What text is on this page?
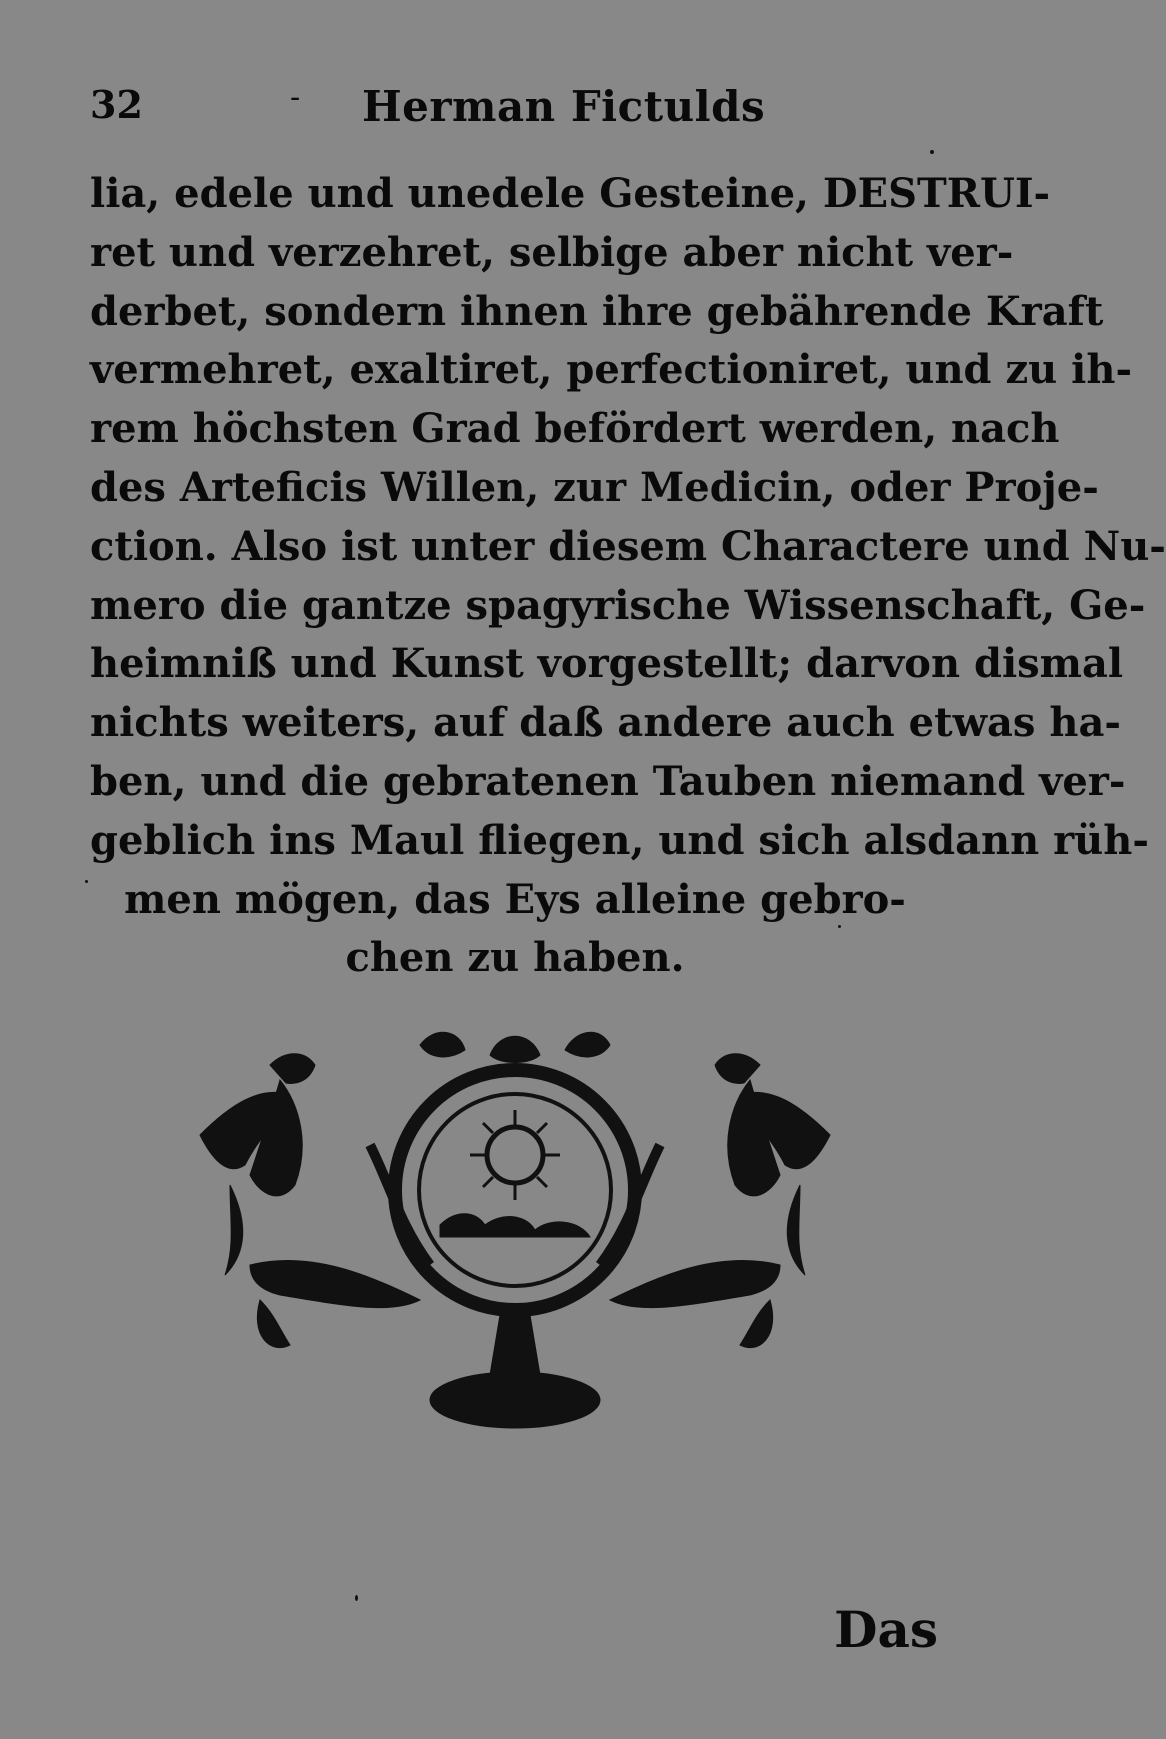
32	- Herman Fictulds
lia, edele und unedele Gesteine, DESTRUI-
ret und verzehret, selbige aber nicht ver-
derbet, sondern ihnen ihre gebährende Kraft
vermehret, exaltiret, perfectioniret, und zu ih-
rem höchsten Grad befördert werden, nach
des Arteficis Willen, zur Medicin, oder Proje-
ction. Also ist unter diesem Charactere und Nu-
mero die gantze spagyrische Wissenschaft, Ge-
heimniß und Kunst vorgestellt; darvon dismal
nichts weiters, auf daß andere auch etwas ha-
ben, und die gebratenen Tauben niemand ver-
geblich ins Maul fliegen, und sich alsdann rüh-
men mögen, das Eys alleine gebro-
chen zu haben.
Das
